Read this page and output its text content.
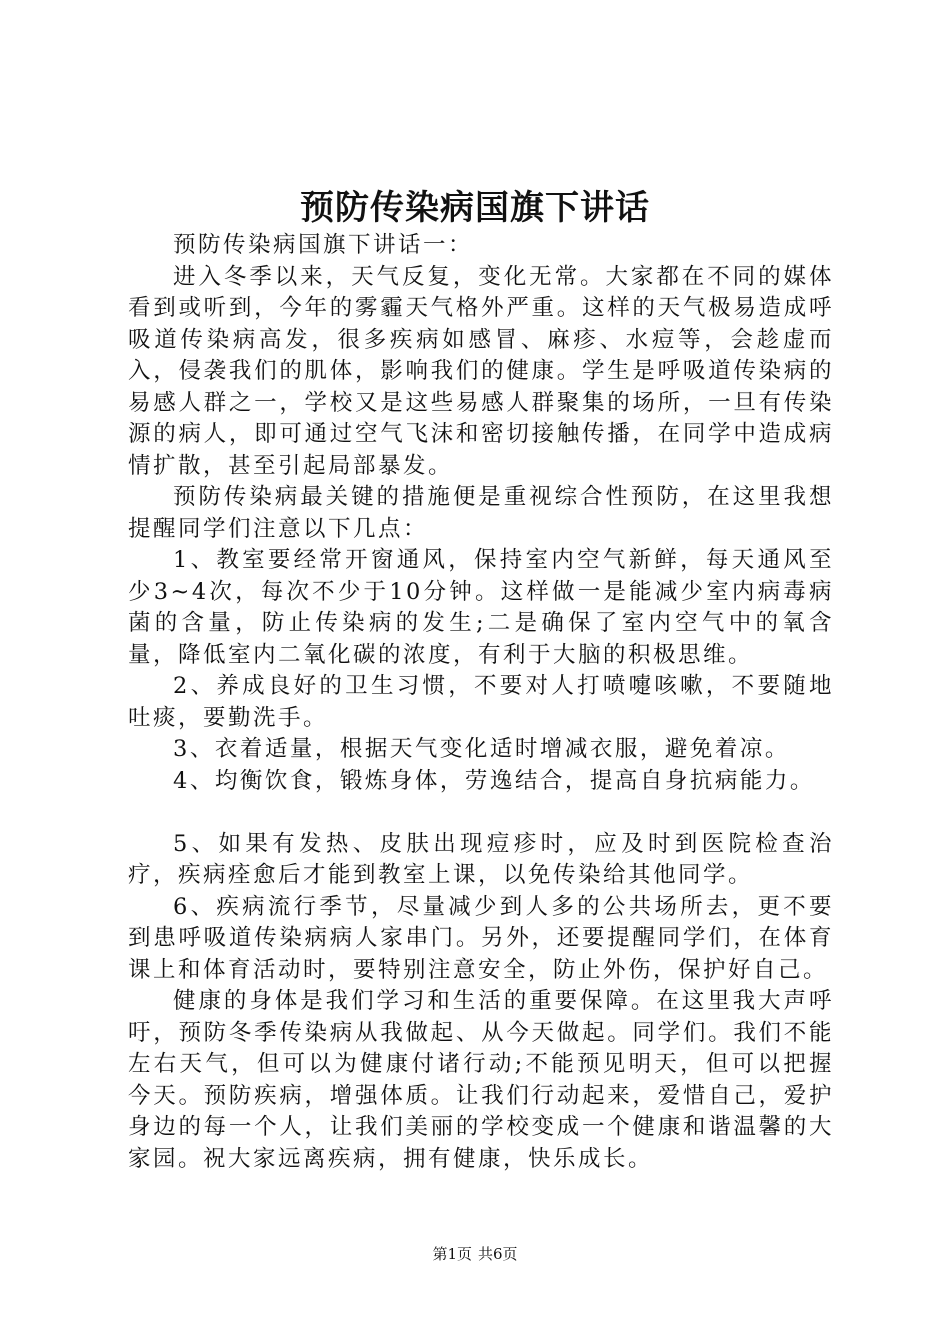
预防传染病国旗下讲话

预防传染病国旗下讲话一：

进入冬季以来，天气反复，变化无常。大家都在不同的媒体看到或听到，今年的雾霾天气格外严重。这样的天气极易造成呼吸道传染病高发，很多疾病如感冒、麻疹、水痘等，会趁虚而入，侵袭我们的肌体，影响我们的健康。学生是呼吸道传染病的易感人群之一，学校又是这些易感人群聚集的场所，一旦有传染源的病人，即可通过空气飞沫和密切接触传播，在同学中造成病情扩散，甚至引起局部暴发。

预防传染病最关键的措施便是重视综合性预防，在这里我想提醒同学们注意以下几点：

1、教室要经常开窗通风，保持室内空气新鲜，每天通风至少3~4次，每次不少于10分钟。这样做一是能减少室内病毒病菌的含量，防止传染病的发生;二是确保了室内空气中的氧含量，降低室内二氧化碳的浓度，有利于大脑的积极思维。

2、养成良好的卫生习惯，不要对人打喷嚏咳嗽，不要随地吐痰，要勤洗手。

3、衣着适量，根据天气变化适时增减衣服，避免着凉。

4、均衡饮食，锻炼身体，劳逸结合，提高自身抗病能力。

5、如果有发热、皮肤出现痘疹时，应及时到医院检查治疗，疾病痊愈后才能到教室上课，以免传染给其他同学。

6、疾病流行季节，尽量减少到人多的公共场所去，更不要到患呼吸道传染病病人家串门。另外，还要提醒同学们，在体育课上和体育活动时，要特别注意安全，防止外伤，保护好自己。

健康的身体是我们学习和生活的重要保障。在这里我大声呼吁，预防冬季传染病从我做起、从今天做起。同学们。我们不能左右天气，但可以为健康付诸行动;不能预见明天，但可以把握今天。预防疾病，增强体质。让我们行动起来，爱惜自己，爱护身边的每一个人，让我们美丽的学校变成一个健康和谐温馨的大家园。祝大家远离疾病，拥有健康，快乐成长。

第1页 共6页
